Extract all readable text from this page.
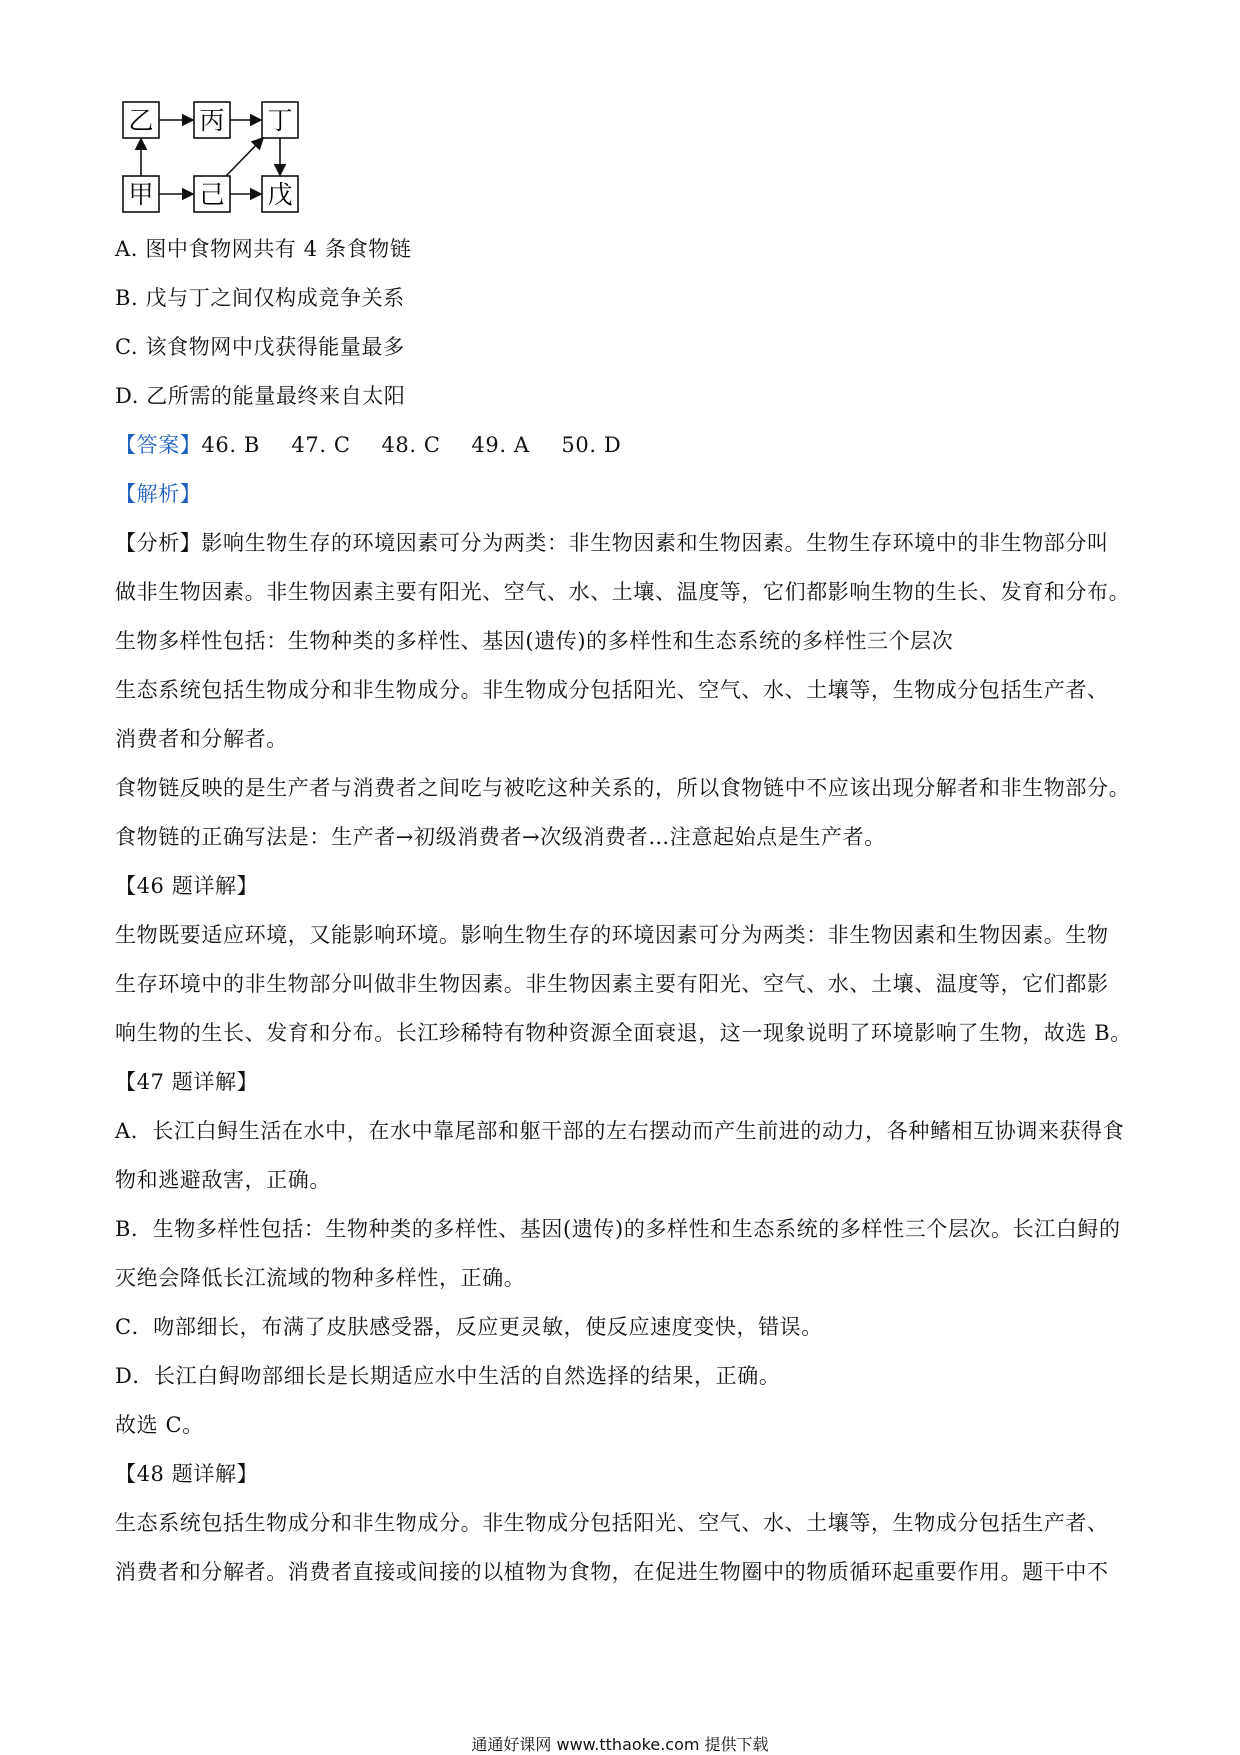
乙 丙 丁
甲 己 戊
A. 图中食物网共有 4 条食物链
B. 戊与丁之间仅构成竞争关系
C. 该食物网中戊获得能量最多
D. 乙所需的能量最终来自太阳
【答案】46. B 47. C 48. C 49. A 50. D
【解析】
【分析】影响生物生存的环境因素可分为两类：非生物因素和生物因素。生物生存环境中的非生物部分叫
做非生物因素。非生物因素主要有阳光、空气、水、土壤、温度等，它们都影响生物的生长、发育和分布。
生物多样性包括：生物种类的多样性、基因(遗传)的多样性和生态系统的多样性三个层次
生态系统包括生物成分和非生物成分。非生物成分包括阳光、空气、水、土壤等，生物成分包括生产者、
消费者和分解者。
食物链反映的是生产者与消费者之间吃与被吃这种关系的，所以食物链中不应该出现分解者和非生物部分。
食物链的正确写法是：生产者→初级消费者→次级消费者…注意起始点是生产者。
【46 题详解】
生物既要适应环境，又能影响环境。影响生物生存的环境因素可分为两类：非生物因素和生物因素。生物
生存环境中的非生物部分叫做非生物因素。非生物因素主要有阳光、空气、水、土壤、温度等，它们都影
响生物的生长、发育和分布。长江珍稀特有物种资源全面衰退，这一现象说明了环境影响了生物，故选 B。
【47 题详解】
A．长江白鲟生活在水中，在水中靠尾部和躯干部的左右摆动而产生前进的动力，各种鳍相互协调来获得食
物和逃避敌害，正确。
B．生物多样性包括：生物种类的多样性、基因(遗传)的多样性和生态系统的多样性三个层次。长江白鲟的
灭绝会降低长江流域的物种多样性，正确。
C．吻部细长，布满了皮肤感受器，反应更灵敏，使反应速度变快，错误。
D．长江白鲟吻部细长是长期适应水中生活的自然选择的结果，正确。
故选 C。
【48 题详解】
生态系统包括生物成分和非生物成分。非生物成分包括阳光、空气、水、土壤等，生物成分包括生产者、
消费者和分解者。消费者直接或间接的以植物为食物，在促进生物圈中的物质循环起重要作用。题干中不
通通好课网 www.tthaoke.com 提供下载
